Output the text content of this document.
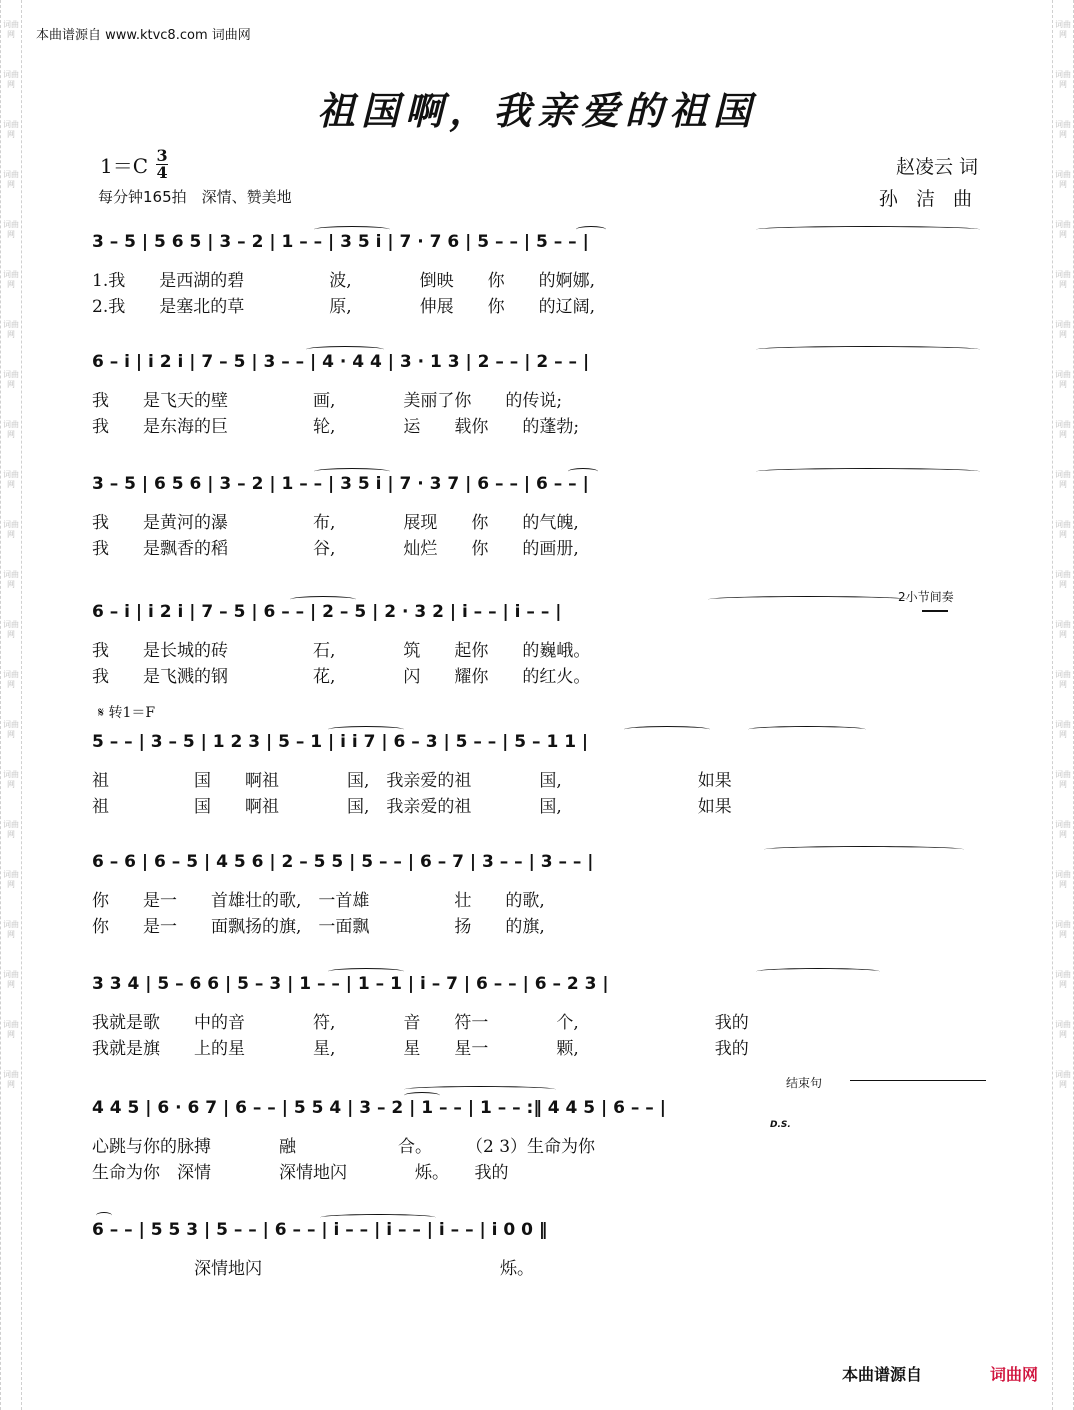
词曲网
词曲网
词曲网
词曲网
词曲网
词曲网
词曲网
词曲网
词曲网
词曲网
词曲网
词曲网
词曲网
词曲网
词曲网
词曲网
词曲网
词曲网
词曲网
词曲网
词曲网
词曲网
词曲网
词曲网
词曲网
词曲网
词曲网
词曲网
词曲网
词曲网
词曲网
词曲网
词曲网
词曲网
词曲网
词曲网
词曲网
词曲网
词曲网
词曲网
词曲网
词曲网
词曲网
词曲网
本曲谱源自 www.ktvc8.com 词曲网
祖国啊，我亲爱的祖国
1＝C 3
4
每分钟165拍　深情、赞美地
赵凌云 词
孙 洁 曲
3 – 5 | 5 6 5 | 3 – 2 | 1 – – | 3 5 i | 7 · 7 6 | 5 – – | 5 – – |
1.我　　是西湖的碧　　　　　波,　　　　倒映　　你　　的婀娜,
2.我　　是塞北的草　　　　　原,　　　　伸展　　你　　的辽阔,
6 – i | i 2 i | 7 – 5 | 3 – – | 4 · 4 4 | 3 · 1 3 | 2 – – | 2 – – |
我　　是飞天的壁　　　　　画,　　　　美丽了你　　的传说;
我　　是东海的巨　　　　　轮,　　　　运　　载你　　的蓬勃;
3 – 5 | 6 5 6 | 3 – 2 | 1 – – | 3 5 i | 7 · 3 7 | 6 – – | 6 – – |
我　　是黄河的瀑　　　　　布,　　　　展现　　你　　的气魄,
我　　是飘香的稻　　　　　谷,　　　　灿烂　　你　　的画册,
6 – i | i 2 i | 7 – 5 | 6 – – | 2 – 5 | 2 · 3 2 | i – – | i – – |
我　　是长城的砖　　　　　石,　　　　筑　　起你　　的巍峨。
我　　是飞溅的钢　　　　　花,　　　　闪　　耀你　　的红火。
2小节间奏
𝄋 转1＝F
5 – – | 3 – 5 | 1 2 3 | 5 – 1 | i i 7 | 6 – 3 | 5 – – | 5 – 1 1 |
祖　　　　　国　　啊祖　　　　国,　我亲爱的祖　　　　国,　　　　　　　　如果
祖　　　　　国　　啊祖　　　　国,　我亲爱的祖　　　　国,　　　　　　　　如果
6 – 6 | 6 – 5 | 4 5 6 | 2 – 5 5 | 5 – – | 6 – 7 | 3 – – | 3 – – |
你　　是一　　首雄壮的歌,　一首雄　　　　　壮　　的歌,
你　　是一　　面飘扬的旗,　一面飘　　　　　扬　　的旗,
3 3 4 | 5 – 6 6 | 5 – 3 | 1 – – | 1 – 1 | i – 7 | 6 – – | 6 – 2 3 |
我就是歌　　中的音　　　　符,　　　　音　　符一　　　　个,　　　　　　　　我的
我就是旗　　上的星　　　　星,　　　　星　　星一　　　　颗,　　　　　　　　我的
结束句
4 4 5 | 6 · 6 7 | 6 – – | 5 5 4 | 3 – 2 | 1 – – | 1 – – :‖ 4 4 5 | 6 – – |
心跳与你的脉搏　　　　融　　　　　　合。　　　（2 3）生命为你
生命为你　深情　　　　深情地闪　　　　烁。　　我的
D.S.
6 – – | 5 5 3 | 5 – – | 6 – – | i – – | i – – | i – – | i 0 0 ‖
　　　　　　深情地闪　　　　　　　　　　　　　　烁。
本曲谱源自	词曲网
